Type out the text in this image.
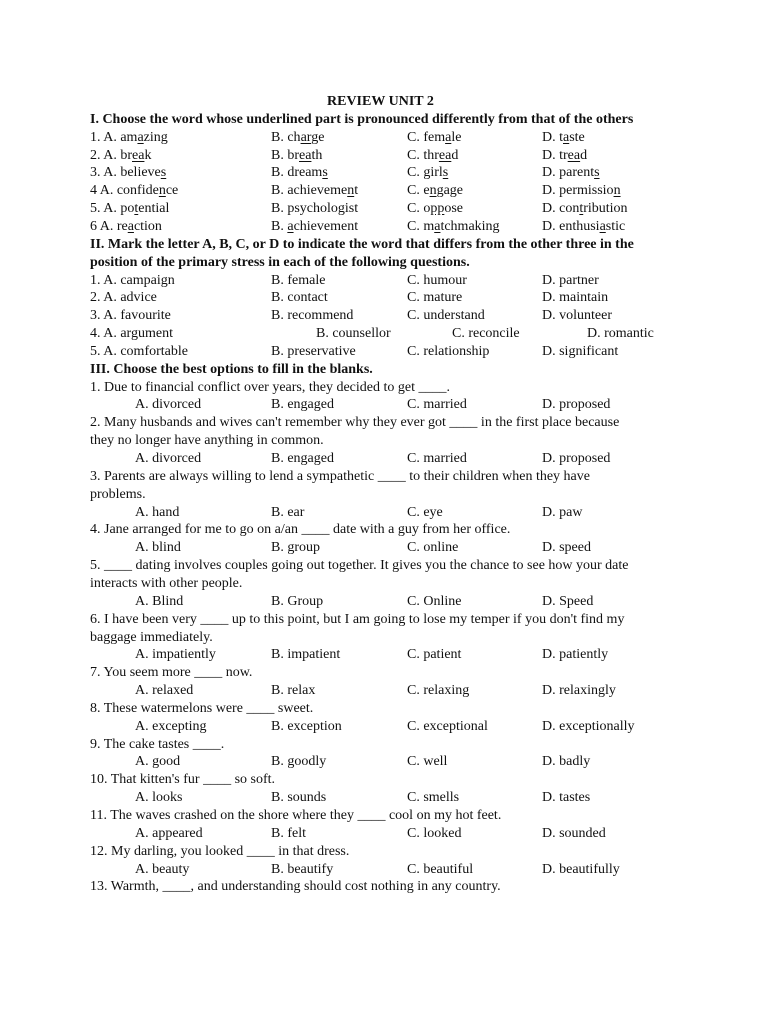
REVIEW UNIT 2
I. Choose the word whose underlined part is pronounced differently from that of the others
1. A. amazing	B. charge	C. female	D. taste
2. A. break	B. breath	C. thread	D. tread
3. A. believes	B. dreams	C. girls	D. parents
4 A. confidence	B. achievement	C. engage	D. permission
5. A. potential	B. psychologist	C. oppose	D. contribution
6 A. reaction	B. achievement	C. matchmaking	D. enthusiastic
II. Mark the letter A, B, C, or D to indicate the word that differs from the other three in the
position of the primary stress in each of the following questions.
1. A. campaign	B. female	C. humour	D. partner
2. A. advice	B. contact	C. mature	D. maintain
3. A. favourite	B. recommend	C. understand	D. volunteer
4. A. argument	B. counsellor	C. reconcile	D. romantic
5. A. comfortable	B. preservative	C. relationship	D. significant
III. Choose the best options to fill in the blanks.
1. Due to financial conflict over years, they decided to get ____.
A. divorced	B. engaged	C. married	D. proposed
2. Many husbands and wives can't remember why they ever got ____ in the first place because
they no longer have anything in common.
A. divorced	B. engaged	C. married	D. proposed
3. Parents are always willing to lend a sympathetic ____ to their children when they have
problems.
A. hand	B. ear	C. eye	D. paw
4. Jane arranged for me to go on a/an ____ date with a guy from her office.
A. blind	B. group	C. online	D. speed
5. ____ dating involves couples going out together. It gives you the chance to see how your date
interacts with other people.
A. Blind	B. Group	C. Online	D. Speed
6. I have been very ____ up to this point, but I am going to lose my temper if you don't find my
baggage immediately.
A. impatiently	B. impatient	C. patient	D. patiently
7. You seem more ____ now.
A. relaxed	B. relax	C. relaxing	D. relaxingly
8. These watermelons were ____ sweet.
A. excepting	B. exception	C. exceptional	D. exceptionally
9. The cake tastes ____.
A. good	B. goodly	C. well	D. badly
10. That kitten's fur ____ so soft.
A. looks	B. sounds	C. smells	D. tastes
11. The waves crashed on the shore where they ____ cool on my hot feet.
A. appeared	B. felt	C. looked	D. sounded
12. My darling, you looked ____ in that dress.
A. beauty	B. beautify	C. beautiful	D. beautifully
13. Warmth, ____, and understanding should cost nothing in any country.
